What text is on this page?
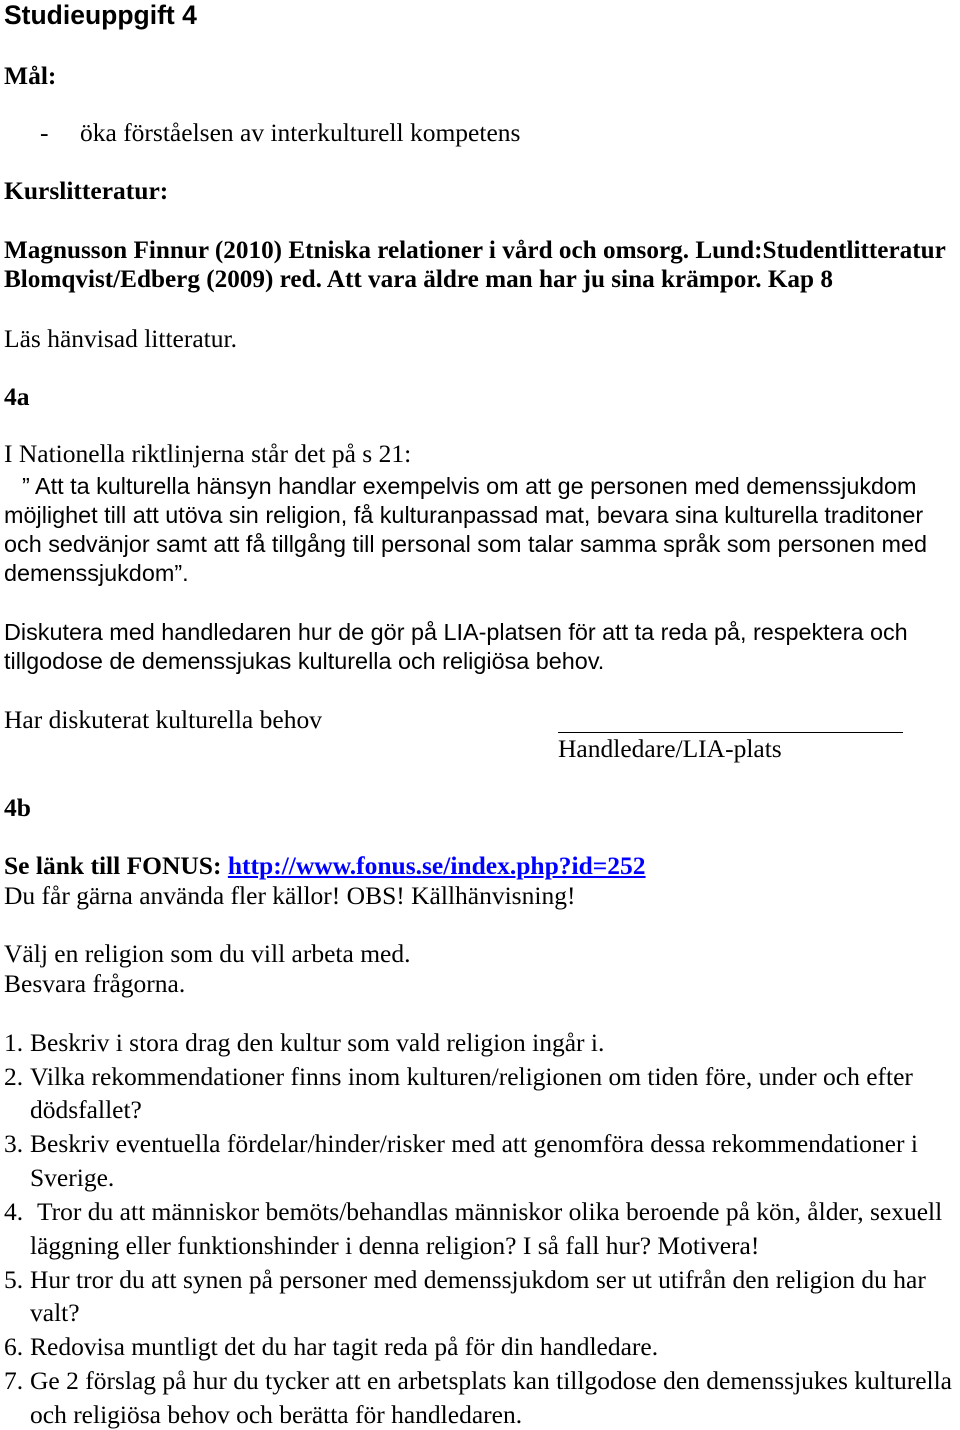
Studieuppgift 4
Mål:
- öka förståelsen av interkulturell kompetens
Kurslitteratur:
Magnusson Finnur (2010) Etniska relationer i vård och omsorg. Lund:Studentlitteratur
Blomqvist/Edberg (2009) red. Att vara äldre man har ju sina krämpor. Kap 8
Läs hänvisad litteratur.
4a
I Nationella riktlinjerna står det på s 21:
” Att ta kulturella hänsyn handlar exempelvis om att ge personen med demenssjukdom
möjlighet till att utöva sin religion, få kulturanpassad mat, bevara sina kulturella traditoner
och sedvänjor samt att få tillgång till personal som talar samma språk som personen med
demenssjukdom”.
Diskutera med handledaren hur de gör på LIA-platsen för att ta reda på, respektera och
tillgodose de demenssjukas kulturella och religiösa behov.
Har diskuterat kulturella behov
Handledare/LIA-plats
4b
Se länk till FONUS: http://www.fonus.se/index.php?id=252
Du får gärna använda fler källor! OBS! Källhänvisning!
Välj en religion som du vill arbeta med.
Besvara frågorna.
1. Beskriv i stora drag den kultur som vald religion ingår i.
2. Vilka rekommendationer finns inom kulturen/religionen om tiden före, under och efter
dödsfallet?
3. Beskriv eventuella fördelar/hinder/risker med att genomföra dessa rekommendationer i
Sverige.
4. Tror du att människor bemöts/behandlas människor olika beroende på kön, ålder, sexuell
läggning eller funktionshinder i denna religion? I så fall hur? Motivera!
5. Hur tror du att synen på personer med demenssjukdom ser ut utifrån den religion du har
valt?
6. Redovisa muntligt det du har tagit reda på för din handledare.
7. Ge 2 förslag på hur du tycker att en arbetsplats kan tillgodose den demenssjukes kulturella
och religiösa behov och berätta för handledaren.
